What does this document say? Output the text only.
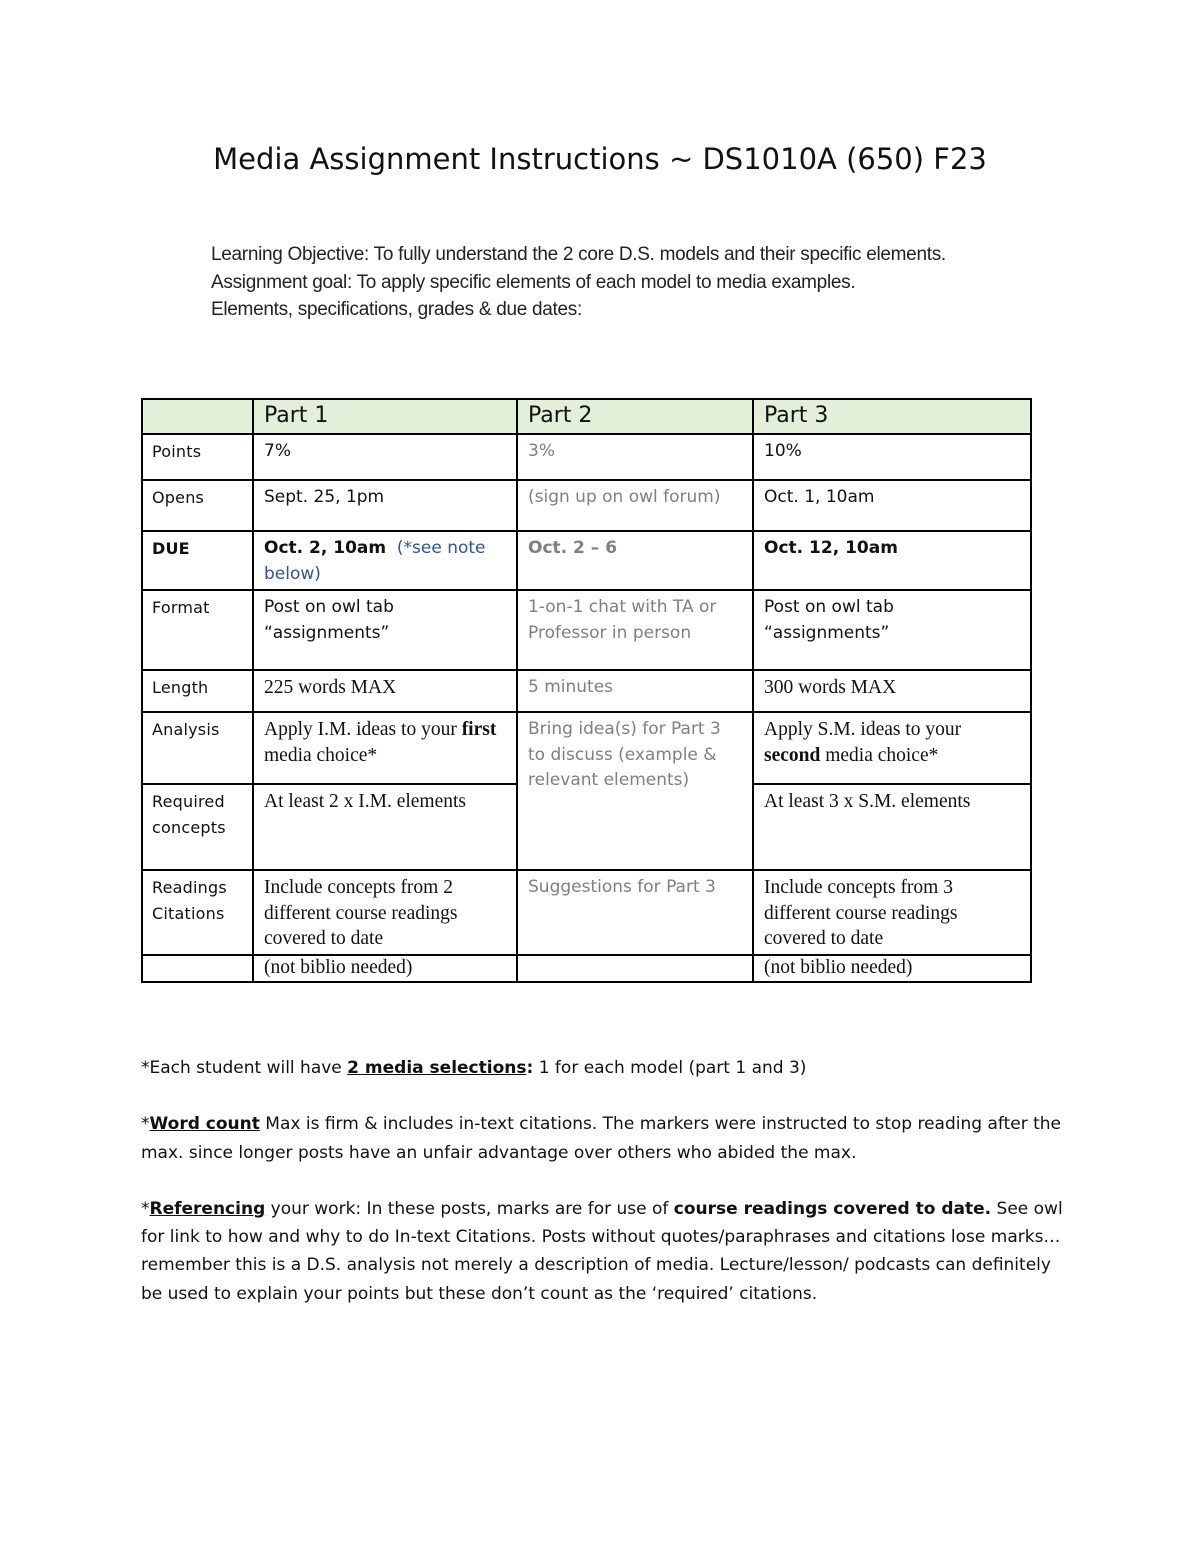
Media Assignment Instructions ~ DS1010A (650) F23
Learning Objective: To fully understand the 2 core D.S. models and their specific elements.
Assignment goal: To apply specific elements of each model to media examples.
Elements, specifications, grades & due dates:
	Part 1	Part 2	Part 3
Points	7%	3%	10%
Opens	Sept. 25, 1pm	(sign up on owl forum)	Oct. 1, 10am
DUE	Oct. 2, 10am (*see note below)	Oct. 2 – 6	Oct. 12, 10am
Format	Post on owl tab “assignments”	1-on-1 chat with TA or Professor in person	Post on owl tab “assignments”
Length	225 words MAX	5 minutes	300 words MAX
Analysis	Apply I.M. ideas to your first media choice*	Bring idea(s) for Part 3 to discuss (example & relevant elements)	Apply S.M. ideas to your second media choice*
Required concepts	At least 2 x I.M. elements		At least 3 x S.M. elements
Readings Citations	Include concepts from 2 different course readings covered to date	Suggestions for Part 3	Include concepts from 3 different course readings covered to date
	(not biblio needed)		(not biblio needed)

*Each student will have 2 media selections: 1 for each model (part 1 and 3)

*Word count Max is firm & includes in-text citations. The markers were instructed to stop reading after the max. since longer posts have an unfair advantage over others who abided the max.

*Referencing your work: In these posts, marks are for use of course readings covered to date. See owl for link to how and why to do In-text Citations. Posts without quotes/paraphrases and citations lose marks… remember this is a D.S. analysis not merely a description of media. Lecture/lesson/ podcasts can definitely be used to explain your points but these don’t count as the ‘required’ citations.
